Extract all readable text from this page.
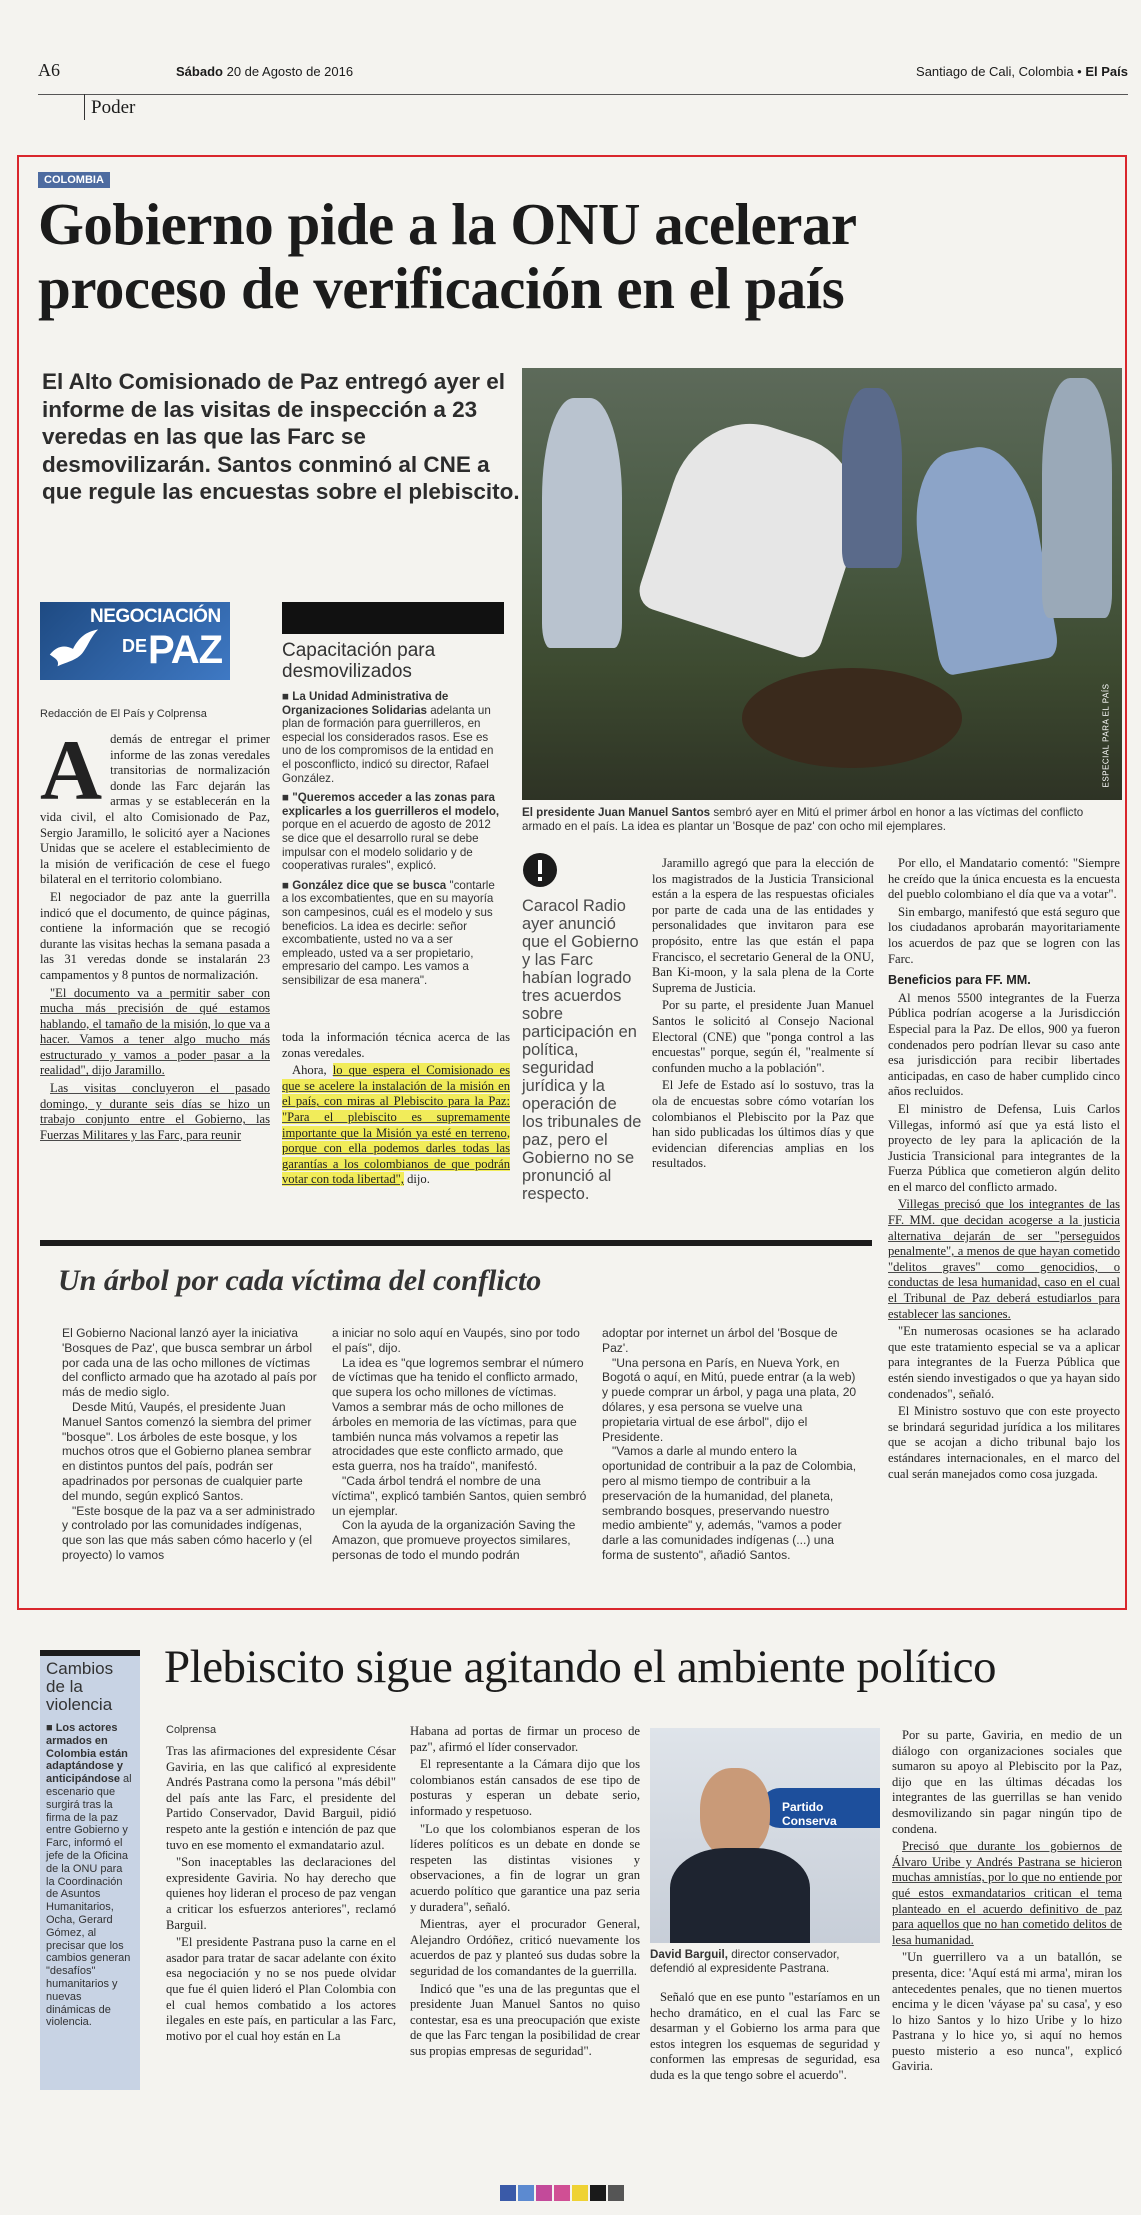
A6	Sábado 20 de Agosto de 2016	Santiago de Cali, Colombia • El País
Poder
COLOMBIA
Gobierno pide a la ONU acelerar
proceso de verificación en el país
El Alto Comisionado de Paz entregó ayer el informe de las visitas de inspección a 23 veredas en las que las Farc se desmovilizarán. Santos conminó al CNE a que regule las encuestas sobre el plebiscito.
NEGOCIACIÓN
DE PAZ	Capacitación para desmovilizados

■ La Unidad Administrativa de Organizaciones Solidarias adelanta un plan de formación para guerrilleros, en especial los considerados rasos. Ese es uno de los compromisos de la entidad en el posconflicto, indicó su director, Rafael González.

■ "Queremos acceder a las zonas para explicarles a los guerrilleros el modelo, porque en el acuerdo de agosto de 2012 se dice que el desarrollo rural se debe impulsar con el modelo solidario y de cooperativas rurales", explicó.

■ González dice que se busca "contarle a los excombatientes, que en su mayoría son campesinos, cuál es el modelo y sus beneficios. La idea es decirle: señor excombatiente, usted no va a ser empleado, usted va a ser propietario, empresario del campo. Les vamos a sensibilizar de esa manera".

Redacción de El País y Colprensa

Además de entregar el primer informe de las zonas veredales transitorias de normalización donde las Farc dejarán las armas y se establecerán en la vida civil, el alto Comisionado de Paz, Sergio Jaramillo, le solicitó ayer a Naciones Unidas que se acelere el establecimiento de la misión de verificación de cese el fuego bilateral en el territorio colombiano.

El negociador de paz ante la guerrilla indicó que el documento, de quince páginas, contiene la información que se recogió durante las visitas hechas la semana pasada a las 31 veredas donde se instalarán 23 campamentos y 8 puntos de normalización.

"El documento va a permitir saber con mucha más precisión de qué estamos hablando, el tamaño de la misión, lo que va a hacer. Vamos a tener algo mucho más estructurado y vamos a poder pasar a la realidad", dijo Jaramillo.

Las visitas concluyeron el pasado domingo, y durante seis días se hizo un trabajo conjunto entre el Gobierno, las Fuerzas Militares y las Farc, para reunir

toda la información técnica acerca de las zonas veredales.

Ahora, lo que espera el Comisionado es que se acelere la instalación de la misión en el país, con miras al Plebiscito para la Paz: "Para el plebiscito es supremamente importante que la Misión ya esté en terreno, porque con ella podemos darles todas las garantías a los colombianos de que podrán votar con toda libertad", dijo.

ESPECIAL PARA EL PAÍS
El presidente Juan Manuel Santos sembró ayer en Mitú el primer árbol en honor a las víctimas del conflicto armado en el país. La idea es plantar un 'Bosque de paz' con ocho mil ejemplares.
Caracol Radio ayer anunció que el Gobierno y las Farc habían logrado tres acuerdos sobre participación en política, seguridad jurídica y la operación de los tribunales de paz, pero el Gobierno no se pronunció al respecto.

Jaramillo agregó que para la elección de los magistrados de la Justicia Transicional están a la espera de las respuestas oficiales por parte de cada una de las entidades y personalidades que invitaron para ese propósito, entre las que están el papa Francisco, el secretario General de la ONU, Ban Ki-moon, y la sala plena de la Corte Suprema de Justicia.

Por su parte, el presidente Juan Manuel Santos le solicitó al Consejo Nacional Electoral (CNE) que "ponga control a las encuestas" porque, según él, "realmente sí confunden mucho a la población".

El Jefe de Estado así lo sostuvo, tras la ola de encuestas sobre cómo votarían los colombianos el Plebiscito por la Paz que han sido publicadas los últimos días y que evidencian diferencias amplias en los resultados.

Por ello, el Mandatario comentó: "Siempre he creído que la única encuesta es la encuesta del pueblo colombiano el día que va a votar".

Sin embargo, manifestó que está seguro que los ciudadanos aprobarán mayoritariamente los acuerdos de paz que se logren con las Farc.

Beneficios para FF. MM.

Al menos 5500 integrantes de la Fuerza Pública podrían acogerse a la Jurisdicción Especial para la Paz. De ellos, 900 ya fueron condenados pero podrían llevar su caso ante esa jurisdicción para recibir libertades anticipadas, en caso de haber cumplido cinco años recluidos.

El ministro de Defensa, Luis Carlos Villegas, informó así que ya está listo el proyecto de ley para la aplicación de la Justicia Transicional para integrantes de la Fuerza Pública que cometieron algún delito en el marco del conflicto armado.

Villegas precisó que los integrantes de las FF. MM. que decidan acogerse a la justicia alternativa dejarán de ser "perseguidos penalmente", a menos de que hayan cometido "delitos graves" como genocidios, o conductas de lesa humanidad, caso en el cual el Tribunal de Paz deberá estudiarlos para establecer las sanciones.

"En numerosas ocasiones se ha aclarado que este tratamiento especial se va a aplicar para integrantes de la Fuerza Pública que estén siendo investigados o que ya hayan sido condenados", señaló.

El Ministro sostuvo que con este proyecto se brindará seguridad jurídica a los militares que se acojan a dicho tribunal bajo los estándares internacionales, en el marco del cual serán manejados como cosa juzgada.

Un árbol por cada víctima del conflicto

El Gobierno Nacional lanzó ayer la iniciativa 'Bosques de Paz', que busca sembrar un árbol por cada una de las ocho millones de víctimas del conflicto armado que ha azotado al país por más de medio siglo.

Desde Mitú, Vaupés, el presidente Juan Manuel Santos comenzó la siembra del primer "bosque". Los árboles de este bosque, y los muchos otros que el Gobierno planea sembrar en distintos puntos del país, podrán ser apadrinados por personas de cualquier parte del mundo, según explicó Santos.

"Este bosque de la paz va a ser administrado y controlado por las comunidades indígenas, que son las que más saben cómo hacerlo y (el proyecto) lo vamos

a iniciar no solo aquí en Vaupés, sino por todo el país", dijo.

La idea es "que logremos sembrar el número de víctimas que ha tenido el conflicto armado, que supera los ocho millones de víctimas. Vamos a sembrar más de ocho millones de árboles en memoria de las víctimas, para que también nunca más volvamos a repetir las atrocidades que este conflicto armado, que esta guerra, nos ha traído", manifestó.

"Cada árbol tendrá el nombre de una víctima", explicó también Santos, quien sembró un ejemplar.

Con la ayuda de la organización Saving the Amazon, que promueve proyectos similares, personas de todo el mundo podrán

adoptar por internet un árbol del 'Bosque de Paz'.

"Una persona en París, en Nueva York, en Bogotá o aquí, en Mitú, puede entrar (a la web) y puede comprar un árbol, y paga una plata, 20 dólares, y esa persona se vuelve una propietaria virtual de ese árbol", dijo el Presidente.

"Vamos a darle al mundo entero la oportunidad de contribuir a la paz de Colombia, pero al mismo tiempo de contribuir a la preservación de la humanidad, del planeta, sembrando bosques, preservando nuestro medio ambiente" y, además, "vamos a poder darle a las comunidades indígenas (...) una forma de sustento", añadió Santos.

Cambios de la violencia
■ Los actores armados en Colombia están adaptándose y anticipándose al escenario que surgirá tras la firma de la paz entre Gobierno y Farc, informó el jefe de la Oficina de la ONU para la Coordinación de Asuntos Humanitarios, Ocha, Gerard Gómez, al precisar que los cambios generan "desafíos" humanitarios y nuevas dinámicas de violencia.
Plebiscito sigue agitando el ambiente político
Colprensa

Tras las afirmaciones del expresidente César Gaviria, en las que calificó al expresidente Andrés Pastrana como la persona "más débil" del país ante las Farc, el presidente del Partido Conservador, David Barguil, pidió respeto ante la gestión e intención de paz que tuvo en ese momento el exmandatario azul.

"Son inaceptables las declaraciones del expresidente Gaviria. No hay derecho que quienes hoy lideran el proceso de paz vengan a criticar los esfuerzos anteriores", reclamó Barguil.

"El presidente Pastrana puso la carne en el asador para tratar de sacar adelante con éxito esa negociación y no se nos puede olvidar que fue él quien lideró el Plan Colombia con el cual hemos combatido a los actores ilegales en este país, en particular a las Farc, motivo por el cual hoy están en La

Habana ad portas de firmar un proceso de paz", afirmó el líder conservador.

El representante a la Cámara dijo que los colombianos están cansados de ese tipo de posturas y esperan un debate serio, informado y respetuoso.

"Lo que los colombianos esperan de los líderes políticos es un debate en donde se respeten las distintas visiones y observaciones, a fin de lograr un gran acuerdo político que garantice una paz seria y duradera", señaló.

Mientras, ayer el procurador General, Alejandro Ordóñez, criticó nuevamente los acuerdos de paz y planteó sus dudas sobre la seguridad de los comandantes de la guerrilla.

Indicó que "es una de las preguntas que el presidente Juan Manuel Santos no quiso contestar, esa es una preocupación que existe de que las Farc tengan la posibilidad de crear sus propias empresas de seguridad".

Partido Conserva
David Barguil, director conservador, defendió al expresidente Pastrana.

Señaló que en ese punto "estaríamos en un hecho dramático, en el cual las Farc se desarman y el Gobierno los arma para que estos integren los esquemas de seguridad y conformen las empresas de seguridad, esa duda es la que tengo sobre el acuerdo".

Por su parte, Gaviria, en medio de un diálogo con organizaciones sociales que sumaron su apoyo al Plebiscito por la Paz, dijo que en las últimas décadas los integrantes de las guerrillas se han venido desmovilizando sin pagar ningún tipo de condena.

Precisó que durante los gobiernos de Álvaro Uribe y Andrés Pastrana se hicieron muchas amnistías, por lo que no entiende por qué estos exmandatarios critican el tema planteado en el acuerdo definitivo de paz para aquellos que no han cometido delitos de lesa humanidad.

"Un guerrillero va a un batallón, se presenta, dice: 'Aquí está mi arma', miran los antecedentes penales, que no tienen muertos encima y le dicen 'váyase pa' su casa', y eso lo hizo Santos y lo hizo Uribe y lo hizo Pastrana y lo hice yo, si aquí no hemos puesto misterio a eso nunca", explicó Gaviria.
